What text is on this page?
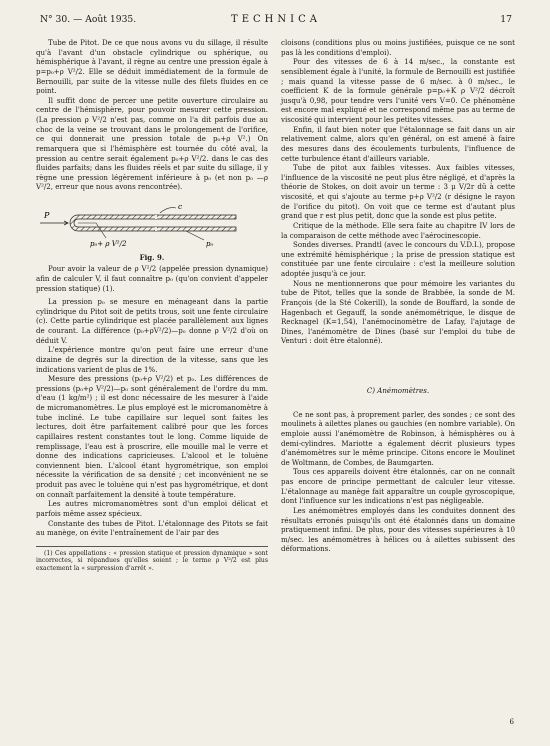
N° 30. — Août 1935.	TECHNICA	17

Tube de Pitot. De ce que nous avons vu du sillage, il résulte qu'à l'avant d'un obstacle cylindrique ou sphérique, ou hémisphérique à l'avant, il règne au centre une pression égale à p=p₀+ρ V²/2. Elle se déduit immédiatement de la formule de Bernouilli, par suite de la vitesse nulle des filets fluides en ce point.

Il suffit donc de percer une petite ouverture circulaire au centre de l'hémisphère, pour pouvoir mesurer cette pression. (La pression ρ V²/2 n'est pas, comme on l'a dit parfois due au choc de la veine se trouvant dans le prolongement de l'orifice, ce qui donnerait une pression totale de p₀+ρ V².) On remarquera que si l'hémisphère est tournée du côté aval, la pression au centre serait également p₀+ρ V²/2. dans le cas des fluides parfaits; dans les fluides réels et par suite du sillage, il y règne une pression légèrement inférieure à p₀ (et non p₀ —ρ V²/2, erreur que nous avons rencontrée).

P
c
p₀+ ρ V²/2	p₀

Fig. 9.

Pour avoir la valeur de ρ V²/2 (appelée pression dynamique) afin de calculer V, il faut connaître p₀ (qu'on convient d'appeler pression statique) (1).

La pression p₀ se mesure en ménageant dans la partie cylindrique du Pitot soit de petits trous, soit une fente circulaire (c). Cette partie cylindrique est placée parallèlement aux lignes de courant. La différence (p₀+ρV²/2)—p₀ donne ρ V²/2 d'où on déduit V.

L'expérience montre qu'on peut faire une erreur d'une dizaine de degrés sur la direction de la vitesse, sans que les indications varient de plus de 1%.

Mesure des pressions (p₀+ρ V²/2) et p₀. Les différences de pressions (p₀+ρ V²/2)—p₀ sont généralement de l'ordre du mm. d'eau (1 kg/m²) ; il est donc nécessaire de les mesurer à l'aide de micromanomètres. Le plus employé est le micromanomètre à tube incliné. Le tube capillaire sur lequel sont faites les lectures, doit être parfaitement calibré pour que les forces capillaires restent constantes tout le long. Comme liquide de remplissage, l'eau est à proscrire, elle mouille mal le verre et donne des indications capricieuses. L'alcool et le toluène conviennent bien. L'alcool étant hygrométrique, son emploi nécessite la vérification de sa densité ; cet inconvénient ne se produit pas avec le toluène qui n'est pas hygrométrique, et dont on connaît parfaitement la densité à toute température.

Les autres micromanomètres sont d'un emploi délicat et parfois même assez spécieux.

Constante des tubes de Pitot. L'étalonnage des Pitots se fait au manège, on évite l'entraînement de l'air par des

(1) Ces appellations : « pression statique et pression dynamique » sont incorrectes, si répandues qu'elles soient ; le terme ρ V²/2 est plus exactement la « surpression d'arrêt ».

cloisons (conditions plus ou moins justifiées, puisque ce ne sont pas là les conditions d'emploi).

Pour des vitesses de 6 à 14 m/sec., la constante est sensiblement égale à l'unité, la formule de Bernouilli est justifiée ; mais quand la vitesse passe de 6 m/sec. à 0 m/sec., le coefficient K de la formule générale p=p₀+K ρ V²/2 décroît jusqu'à 0,98, pour tendre vers l'unité vers V=0. Ce phénomène est encore mal expliqué et ne correspond même pas au terme de viscosité qui intervient pour les petites vitesses.

Enfin, il faut bien noter que l'étalonnage se fait dans un air relativement calme, alors qu'en général, on est amené à faire des mesures dans des écoulements turbulents, l'influence de cette turbulence étant d'ailleurs variable.

Tube de pitot aux faibles vitesses. Aux faibles vitesses, l'influence de la viscosité ne peut plus être négligé, et d'après la théorie de Stokes, on doit avoir un terme : 3 μ V/2r dû à cette viscosité, et qui s'ajoute au terme p+ρ V²/2 (r désigne le rayon de l'orifice du pitot). On voit que ce terme est d'autant plus grand que r est plus petit, donc que la sonde est plus petite.

Critique de la méthode. Elle sera faite au chapitre IV lors de la comparaison de cette méthode avec l'aérocinescopie.

Sondes diverses. Prandtl (avec le concours du V.D.I.), propose une extrémité hémisphérique ; la prise de pression statique est constituée par une fente circulaire : c'est la meilleure solution adoptée jusqu'à ce jour.

Nous ne mentionnerons que pour mémoire les variantes du tube de Pitot, telles que la sonde de Brabbée, la sonde de M. François (de la Sté Cokerill), la sonde de Bouffard, la sonde de Hagenbach et Gegauff, la sonde anémométrique, le disque de Recknagel (K=1,54), l'anémocinomètre de Lafay, l'ajutage de Dines, l'anémomètre de Dines (basé sur l'emploi du tube de Venturi : doit être étalonné).

C) Anémomètres.

Ce ne sont pas, à proprement parler, des sondes ; ce sont des moulinets à ailettes planes ou gauchies (en nombre variable). On emploie aussi l'anémomètre de Robinson, à hémisphères ou à demi-cylindres. Mariotte a également décrit plusieurs types d'anémomètres sur le même principe. Citons encore le Moulinet de Woltmann, de Combes, de Baumgarten.

Tous ces appareils doivent être étalonnés, car on ne connaît pas encore de principe permettant de calculer leur vitesse. L'étalonnage au manège fait apparaître un couple gyroscopique, dont l'influence sur les indications n'est pas négligeable.

Les anémomètres employés dans les conduites donnent des résultats erronés puisqu'ils ont été étalonnés dans un domaine pratiquement infini. De plus, pour des vitesses supérieures à 10 m/sec. les anémomètres à hélices ou à ailettes subissent des déformations.

6
